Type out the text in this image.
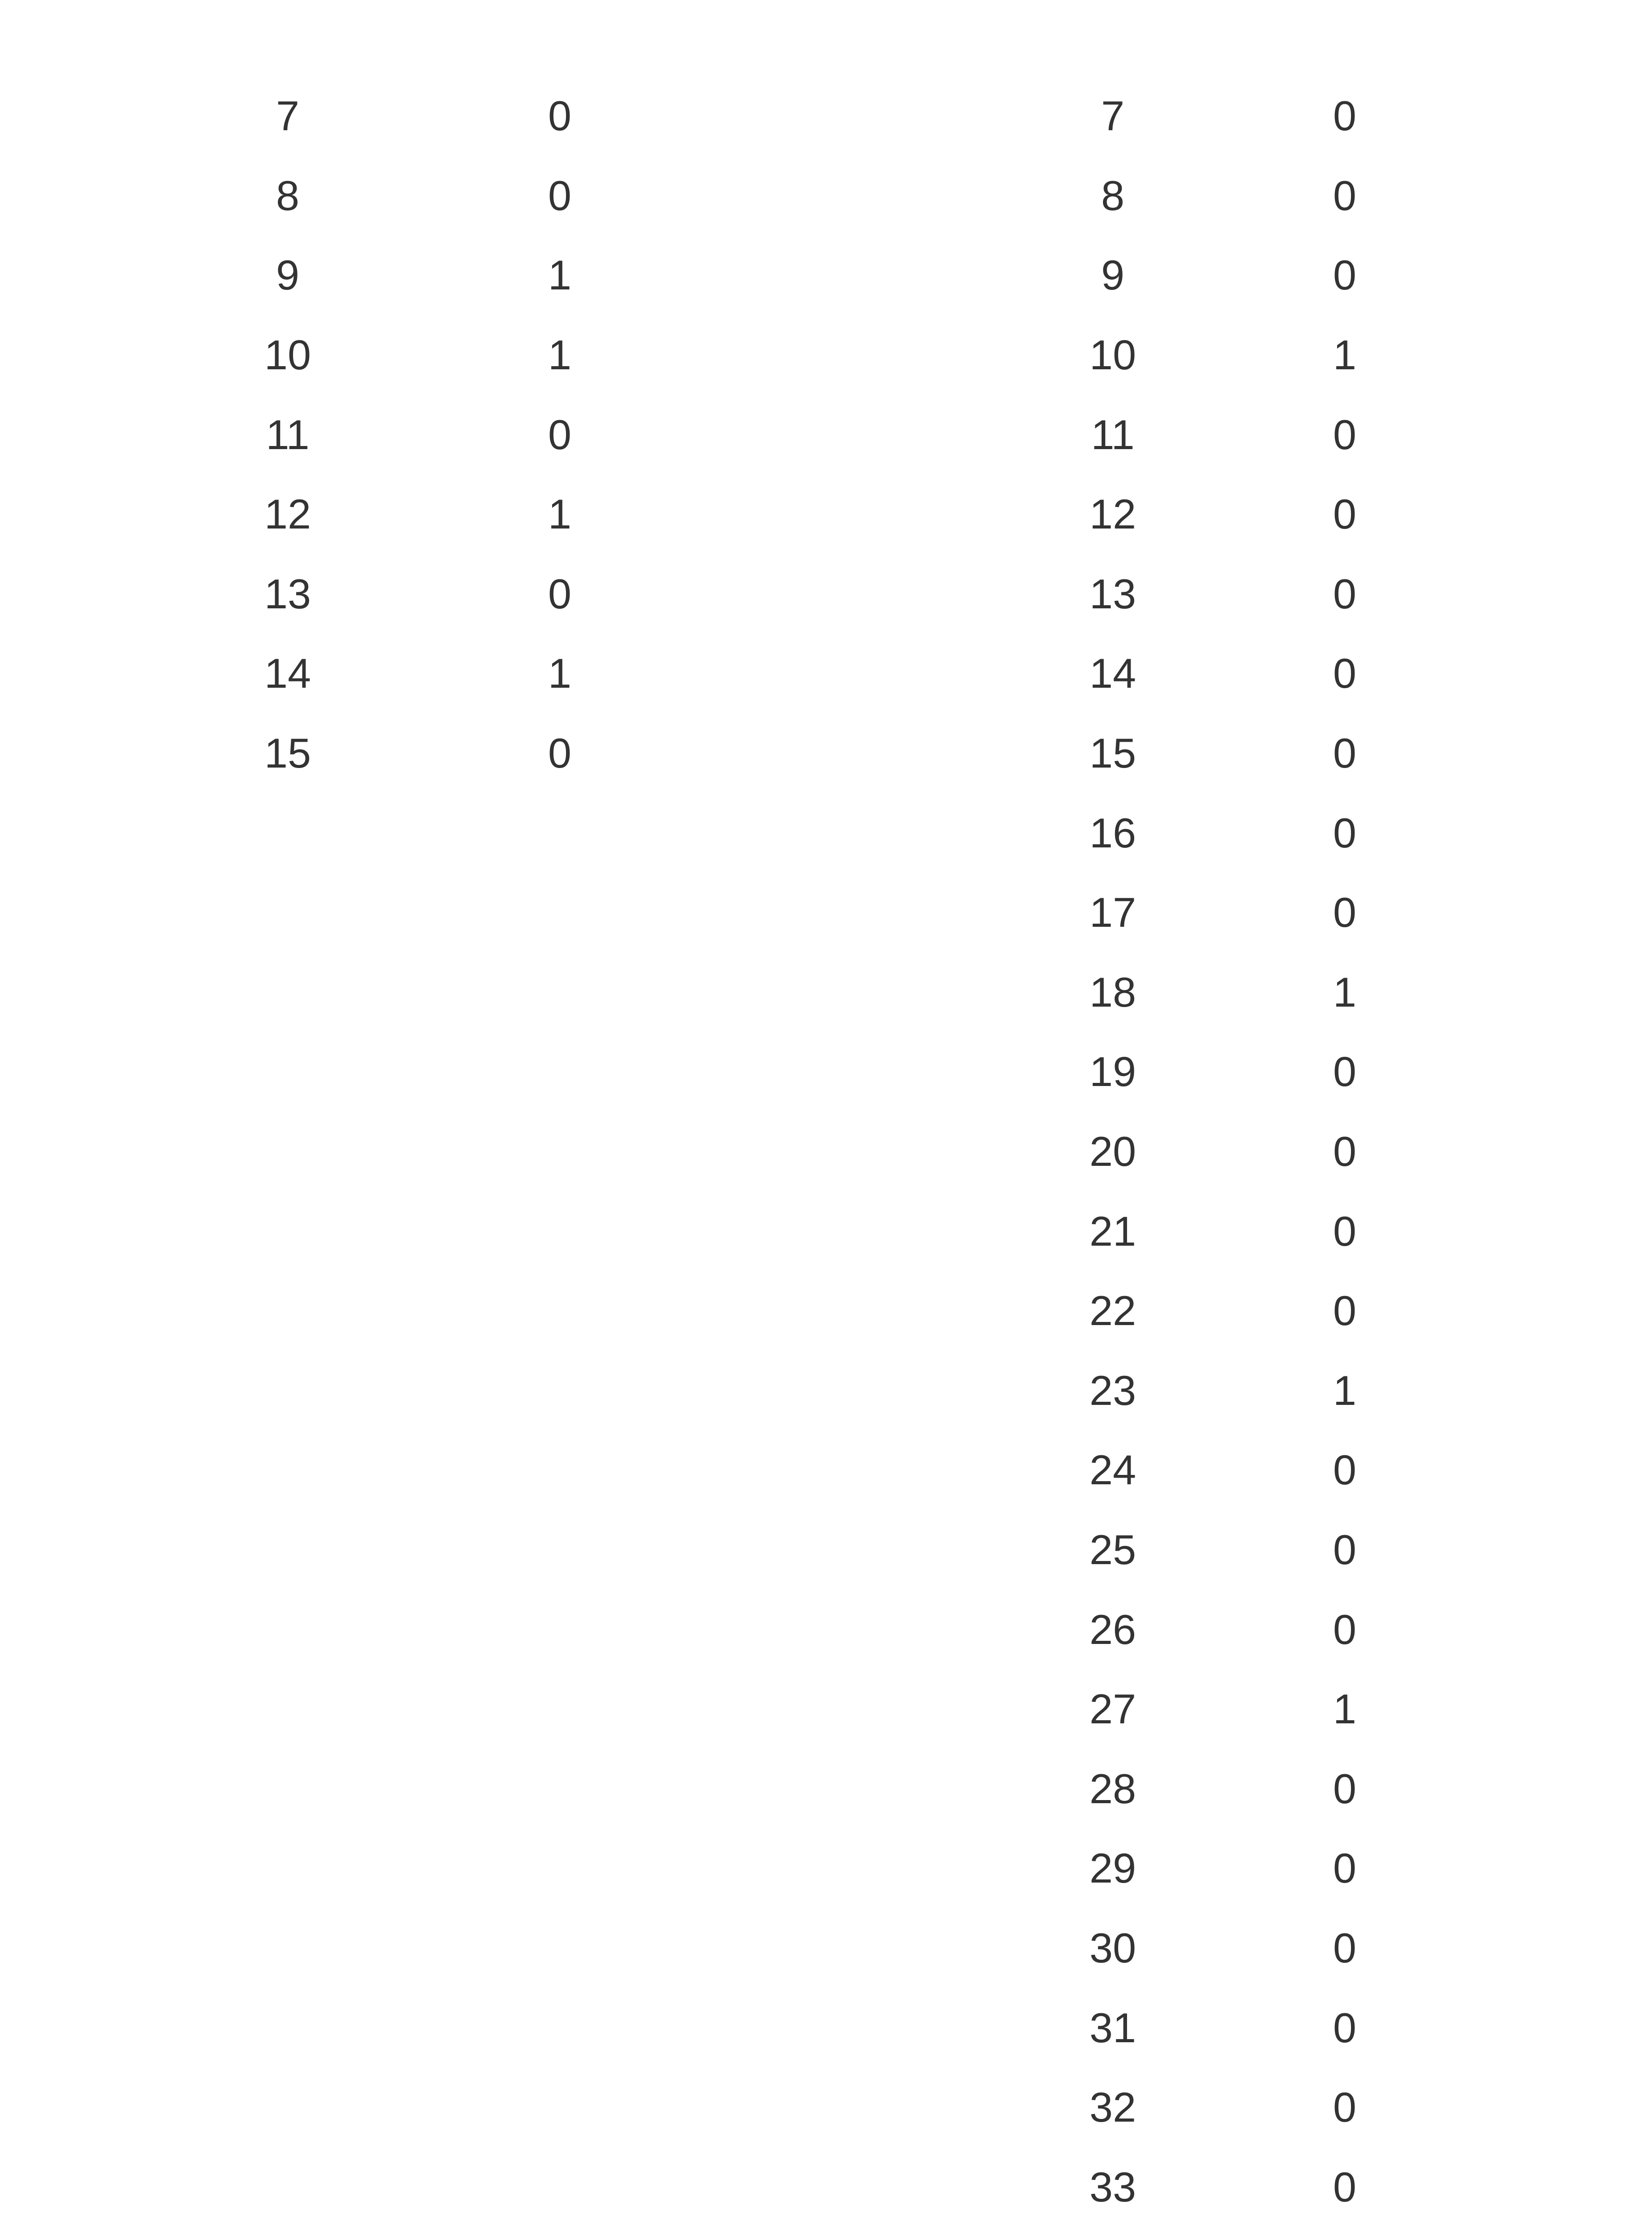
7	0
8	0
9	1
10	1
11	0
12	1
13	0
14	1
15	0
7	0
8	0
9	0
10	1
11	0
12	0
13	0
14	0
15	0
16	0
17	0
18	1
19	0
20	0
21	0
22	0
23	1
24	0
25	0
26	0
27	1
28	0
29	0
30	0
31	0
32	0
33	0
